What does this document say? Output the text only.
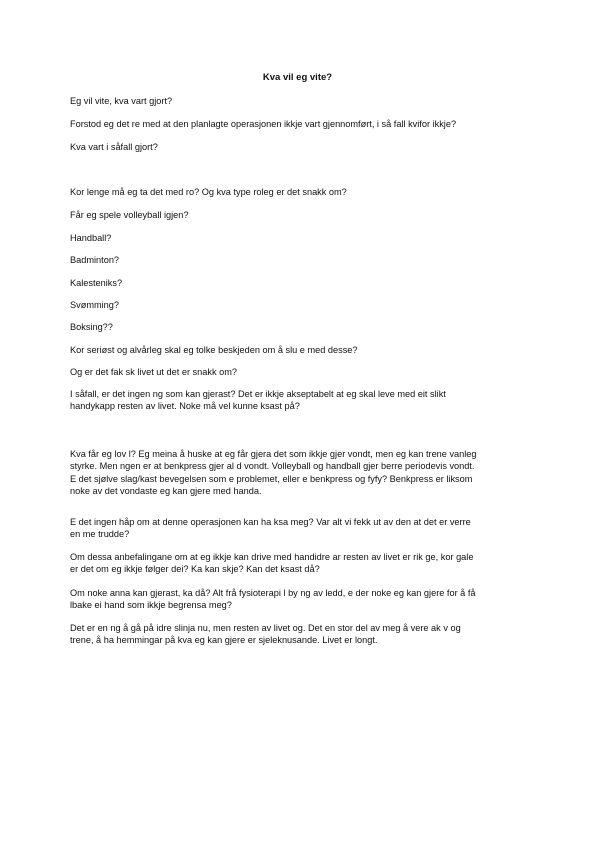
Kva vil eg vite?

Eg vil vite, kva vart gjort?

Forstod eg det re med at den planlagte operasjonen ikkje vart gjennomført, i så fall kvifor ikkje?

Kva vart i såfall gjort?

Kor lenge må eg ta det med ro? Og kva type roleg er det snakk om?

Får eg spele volleyball igjen?

Handball?

Badminton?

Kalesteniks?

Svømming?

Boksing??

Kor seriøst og alvårleg skal eg tolke beskjeden om å slu e med desse?

Og er det fak sk livet ut det er snakk om?

I såfall, er det ingen ng som kan gjerast? Det er ikkje akseptabelt at eg skal leve med eit slikt
handykapp resten av livet. Noke må vel kunne ksast på?

Kva får eg lov l? Eg meina å huske at eg får gjera det som ikkje gjer vondt, men eg kan trene vanleg
styrke. Men ngen er at benkpress gjer al d vondt. Volleyball og handball gjer berre periodevis vondt.
E det sjølve slag/kast bevegelsen som e problemet, eller e benkpress og fyfy? Benkpress er liksom
noke av det vondaste eg kan gjere med handa.

E det ingen håp om at denne operasjonen kan ha ksa meg? Var alt vi fekk ut av den at det er verre
en me trudde?

Om dessa anbefalingane om at eg ikkje kan drive med handidre ar resten av livet er rik ge, kor gale
er det om eg ikkje følger dei? Ka kan skje? Kan det ksast då?

Om noke anna kan gjerast, ka då? Alt frå fysioterapi l by ng av ledd, e der noke eg kan gjere for å få
lbake ei hand som ikkje begrensa meg?

Det er en ng å gå på idre slinja nu, men resten av livet og. Det en stor del av meg å vere ak v og
trene, å ha hemmingar på kva eg kan gjere er sjeleknusande. Livet er longt.
